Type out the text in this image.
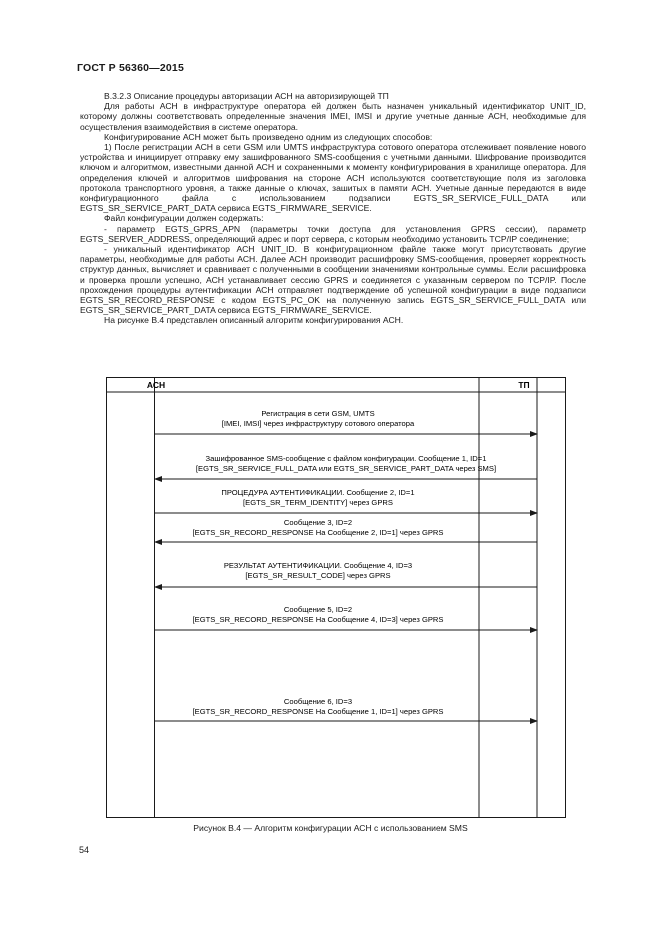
ГОСТ Р 56360—2015

В.3.2.3 Описание процедуры авторизации АСН на авторизирующей ТП

Для работы АСН в инфраструктуре оператора ей должен быть назначен уникальный идентификатор UNIT_ID, которому должны соответствовать определенные значения IMEI, IMSI и другие учетные данные АСН, необходимые для осуществления взаимодействия в системе оператора.

Конфигурирование АСН может быть произведено одним из следующих способов:

1) После регистрации АСН в сети GSM или UMTS инфраструктура сотового оператора отслеживает появление нового устройства и инициирует отправку ему зашифрованного SMS-сообщения с учетными данными. Шифрование производится ключом и алгоритмом, известными данной АСН и сохраненными к моменту конфигурирования в хранилище оператора. Для определения ключей и алгоритмов шифрования на стороне АСН используются соответствующие поля из заголовка протокола транспортного уровня, а также данные о ключах, зашитых в памяти АСН. Учетные данные передаются в виде конфигурационного файла с использованием подзаписи EGTS_SR_SERVICE_FULL_DATA или EGTS_SR_SERVICE_PART_DATA сервиса EGTS_FIRMWARE_SERVICE.

Файл конфигурации должен содержать:

- параметр EGTS_GPRS_APN (параметры точки доступа для установления GPRS сессии), параметр EGTS_SERVER_ADDRESS, определяющий адрес и порт сервера, с которым необходимо установить TCP/IP соединение;

- уникальный идентификатор АСН UNIT_ID. В конфигурационном файле также могут присутствовать другие параметры, необходимые для работы АСН. Далее АСН производит расшифровку SMS-сообщения, проверяет корректность структур данных, вычисляет и сравнивает с полученными в сообщении значениями контрольные суммы. Если расшифровка и проверка прошли успешно, АСН устанавливает сессию GPRS и соединяется с указанным сервером по TCP/IP. После прохождения процедуры аутентификации АСН отправляет подтверждение об успешной конфигурации в виде подзаписи EGTS_SR_RECORD_RESPONSE с кодом EGTS_PC_OK на полученную запись EGTS_SR_SERVICE_FULL_DATA или EGTS_SR_SERVICE_PART_DATA сервиса EGTS_FIRMWARE_SERVICE.

На рисунке В.4 представлен описанный алгоритм конфигурирования АСН.

АСН	ТП
Регистрация в сети GSM, UMTS
[IMEI, IMSI] через инфраструктуру сотового оператора
Зашифрованное SMS-сообщение с файлом конфигурации. Сообщение 1, ID=1
[EGTS_SR_SERVICE_FULL_DATA или EGTS_SR_SERVICE_PART_DATA через SMS]
ПРОЦЕДУРА АУТЕНТИФИКАЦИИ. Сообщение 2, ID=1
[EGTS_SR_TERM_IDENTITY] через GPRS
Сообщение 3, ID=2
[EGTS_SR_RECORD_RESPONSE На Сообщение 2, ID=1] через GPRS
РЕЗУЛЬТАТ АУТЕНТИФИКАЦИИ. Сообщение 4, ID=3
[EGTS_SR_RESULT_CODE] через GPRS
Сообщение 5, ID=2
[EGTS_SR_RECORD_RESPONSE На Сообщение 4, ID=3] через GPRS
Сообщение 6, ID=3
[EGTS_SR_RECORD_RESPONSE На Сообщение 1, ID=1] через GPRS
Рисунок В.4 — Алгоритм конфигурации АСН с использованием SMS
54
